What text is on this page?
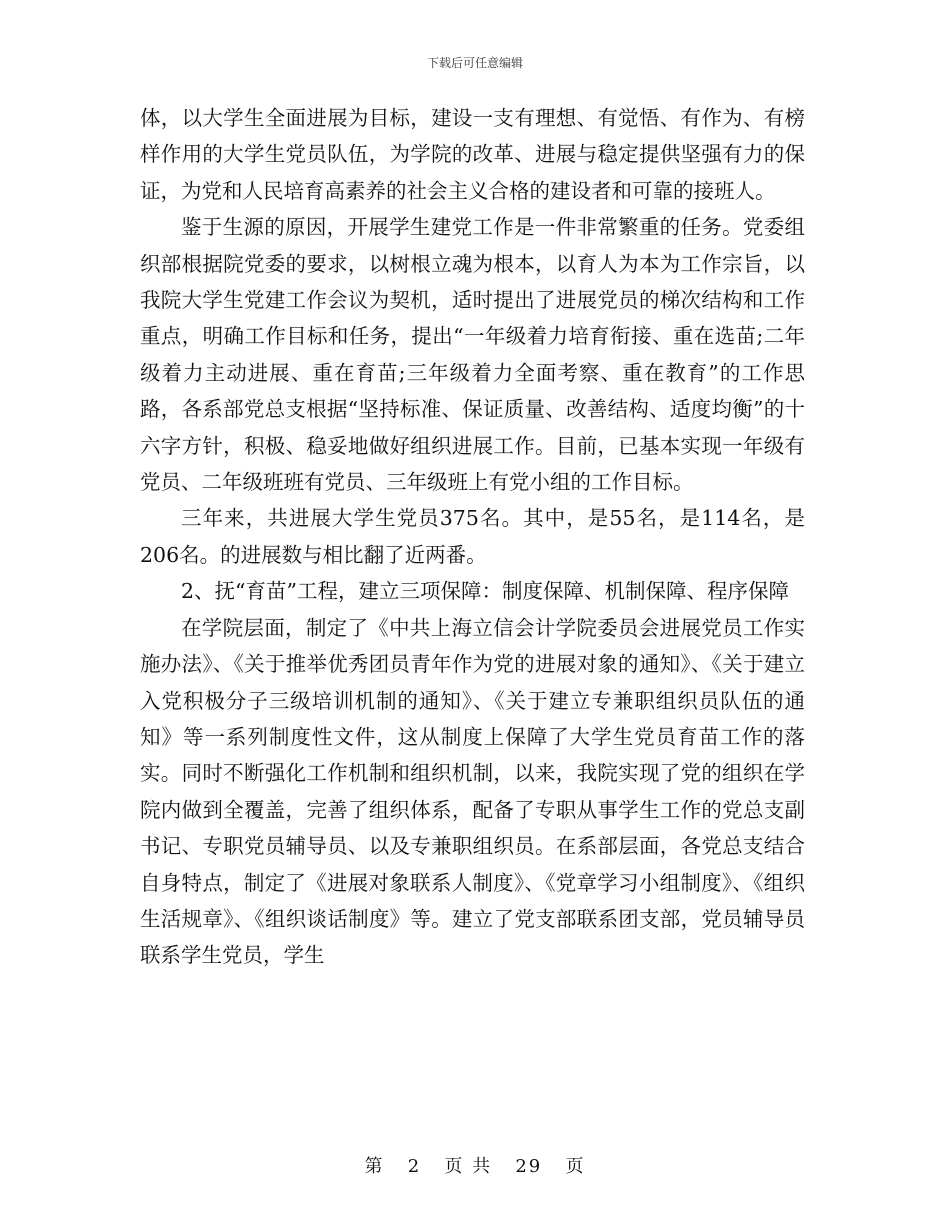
下载后可任意编辑

体，以大学生全面进展为目标，建设一支有理想、有觉悟、有作为、有榜样作用的大学生党员队伍，为学院的改革、进展与稳定提供坚强有力的保证，为党和人民培育高素养的社会主义合格的建设者和可靠的接班人。

鉴于生源的原因，开展学生建党工作是一件非常繁重的任务。党委组织部根据院党委的要求，以树根立魂为根本，以育人为本为工作宗旨，以我院大学生党建工作会议为契机，适时提出了进展党员的梯次结构和工作重点，明确工作目标和任务，提出“一年级着力培育衔接、重在选苗;二年级着力主动进展、重在育苗;三年级着力全面考察、重在教育”的工作思路，各系部党总支根据“坚持标准、保证质量、改善结构、适度均衡”的十六字方针，积极、稳妥地做好组织进展工作。目前，已基本实现一年级有党员、二年级班班有党员、三年级班上有党小组的工作目标。

三年来，共进展大学生党员375名。其中，是55名，是114名，是206名。的进展数与相比翻了近两番。

2、抚“育苗”工程，建立三项保障：制度保障、机制保障、程序保障

在学院层面，制定了《中共上海立信会计学院委员会进展党员工作实施办法》、《关于推举优秀团员青年作为党的进展对象的通知》、《关于建立入党积极分子三级培训机制的通知》、《关于建立专兼职组织员队伍的通知》等一系列制度性文件，这从制度上保障了大学生党员育苗工作的落实。同时不断强化工作机制和组织机制，以来，我院实现了党的组织在学院内做到全覆盖，完善了组织体系，配备了专职从事学生工作的党总支副书记、专职党员辅导员、以及专兼职组织员。在系部层面，各党总支结合自身特点，制定了《进展对象联系人制度》、《党章学习小组制度》、《组织生活规章》、《组织谈话制度》等。建立了党支部联系团支部，党员辅导员联系学生党员，学生

第 2 页 共 29 页
